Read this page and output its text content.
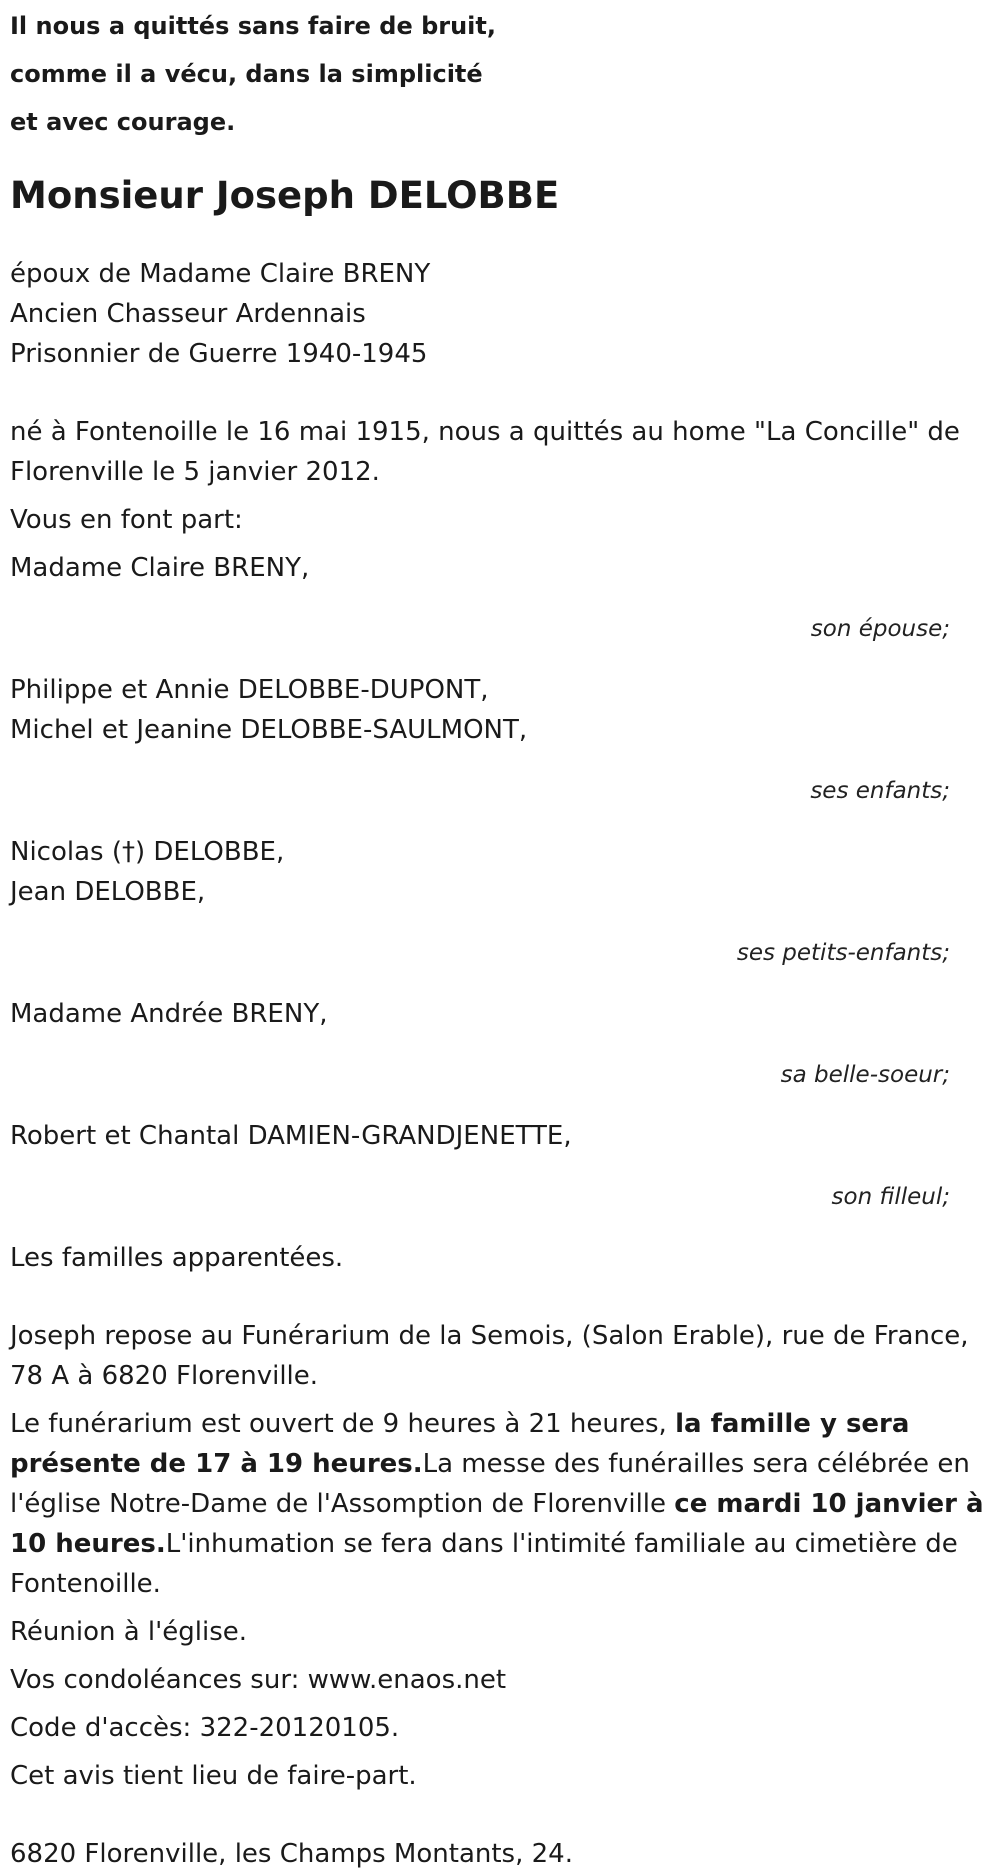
Il nous a quittés sans faire de bruit,

comme il a vécu, dans la simplicité

et avec courage.

Monsieur Joseph DELOBBE

époux de Madame Claire BRENY

Ancien Chasseur Ardennais

Prisonnier de Guerre 1940-1945

né à Fontenoille le 16 mai 1915, nous a quittés au home "La Concille" de Florenville le 5 janvier 2012.

Vous en font part:

Madame Claire BRENY,

son épouse;

Philippe et Annie DELOBBE-DUPONT,

Michel et Jeanine DELOBBE-SAULMONT,

ses enfants;

Nicolas (†) DELOBBE,

Jean DELOBBE,

ses petits-enfants;

Madame Andrée BRENY,

sa belle-soeur;

Robert et Chantal DAMIEN-GRANDJENETTE,

son filleul;

Les familles apparentées.

Joseph repose au Funérarium de la Semois, (Salon Erable), rue de France, 78 A à 6820 Florenville.

Le funérarium est ouvert de 9 heures à 21 heures, la famille y sera présente de 17 à 19 heures.La messe des funérailles sera célébrée en l'église Notre-Dame de l'Assomption de Florenville ce mardi 10 janvier à 10 heures.L'inhumation se fera dans l'intimité familiale au cimetière de Fontenoille.

Réunion à l'église.

Vos condoléances sur: www.enaos.net

Code d'accès: 322-20120105.

Cet avis tient lieu de faire-part.

6820 Florenville, les Champs Montants, 24.
